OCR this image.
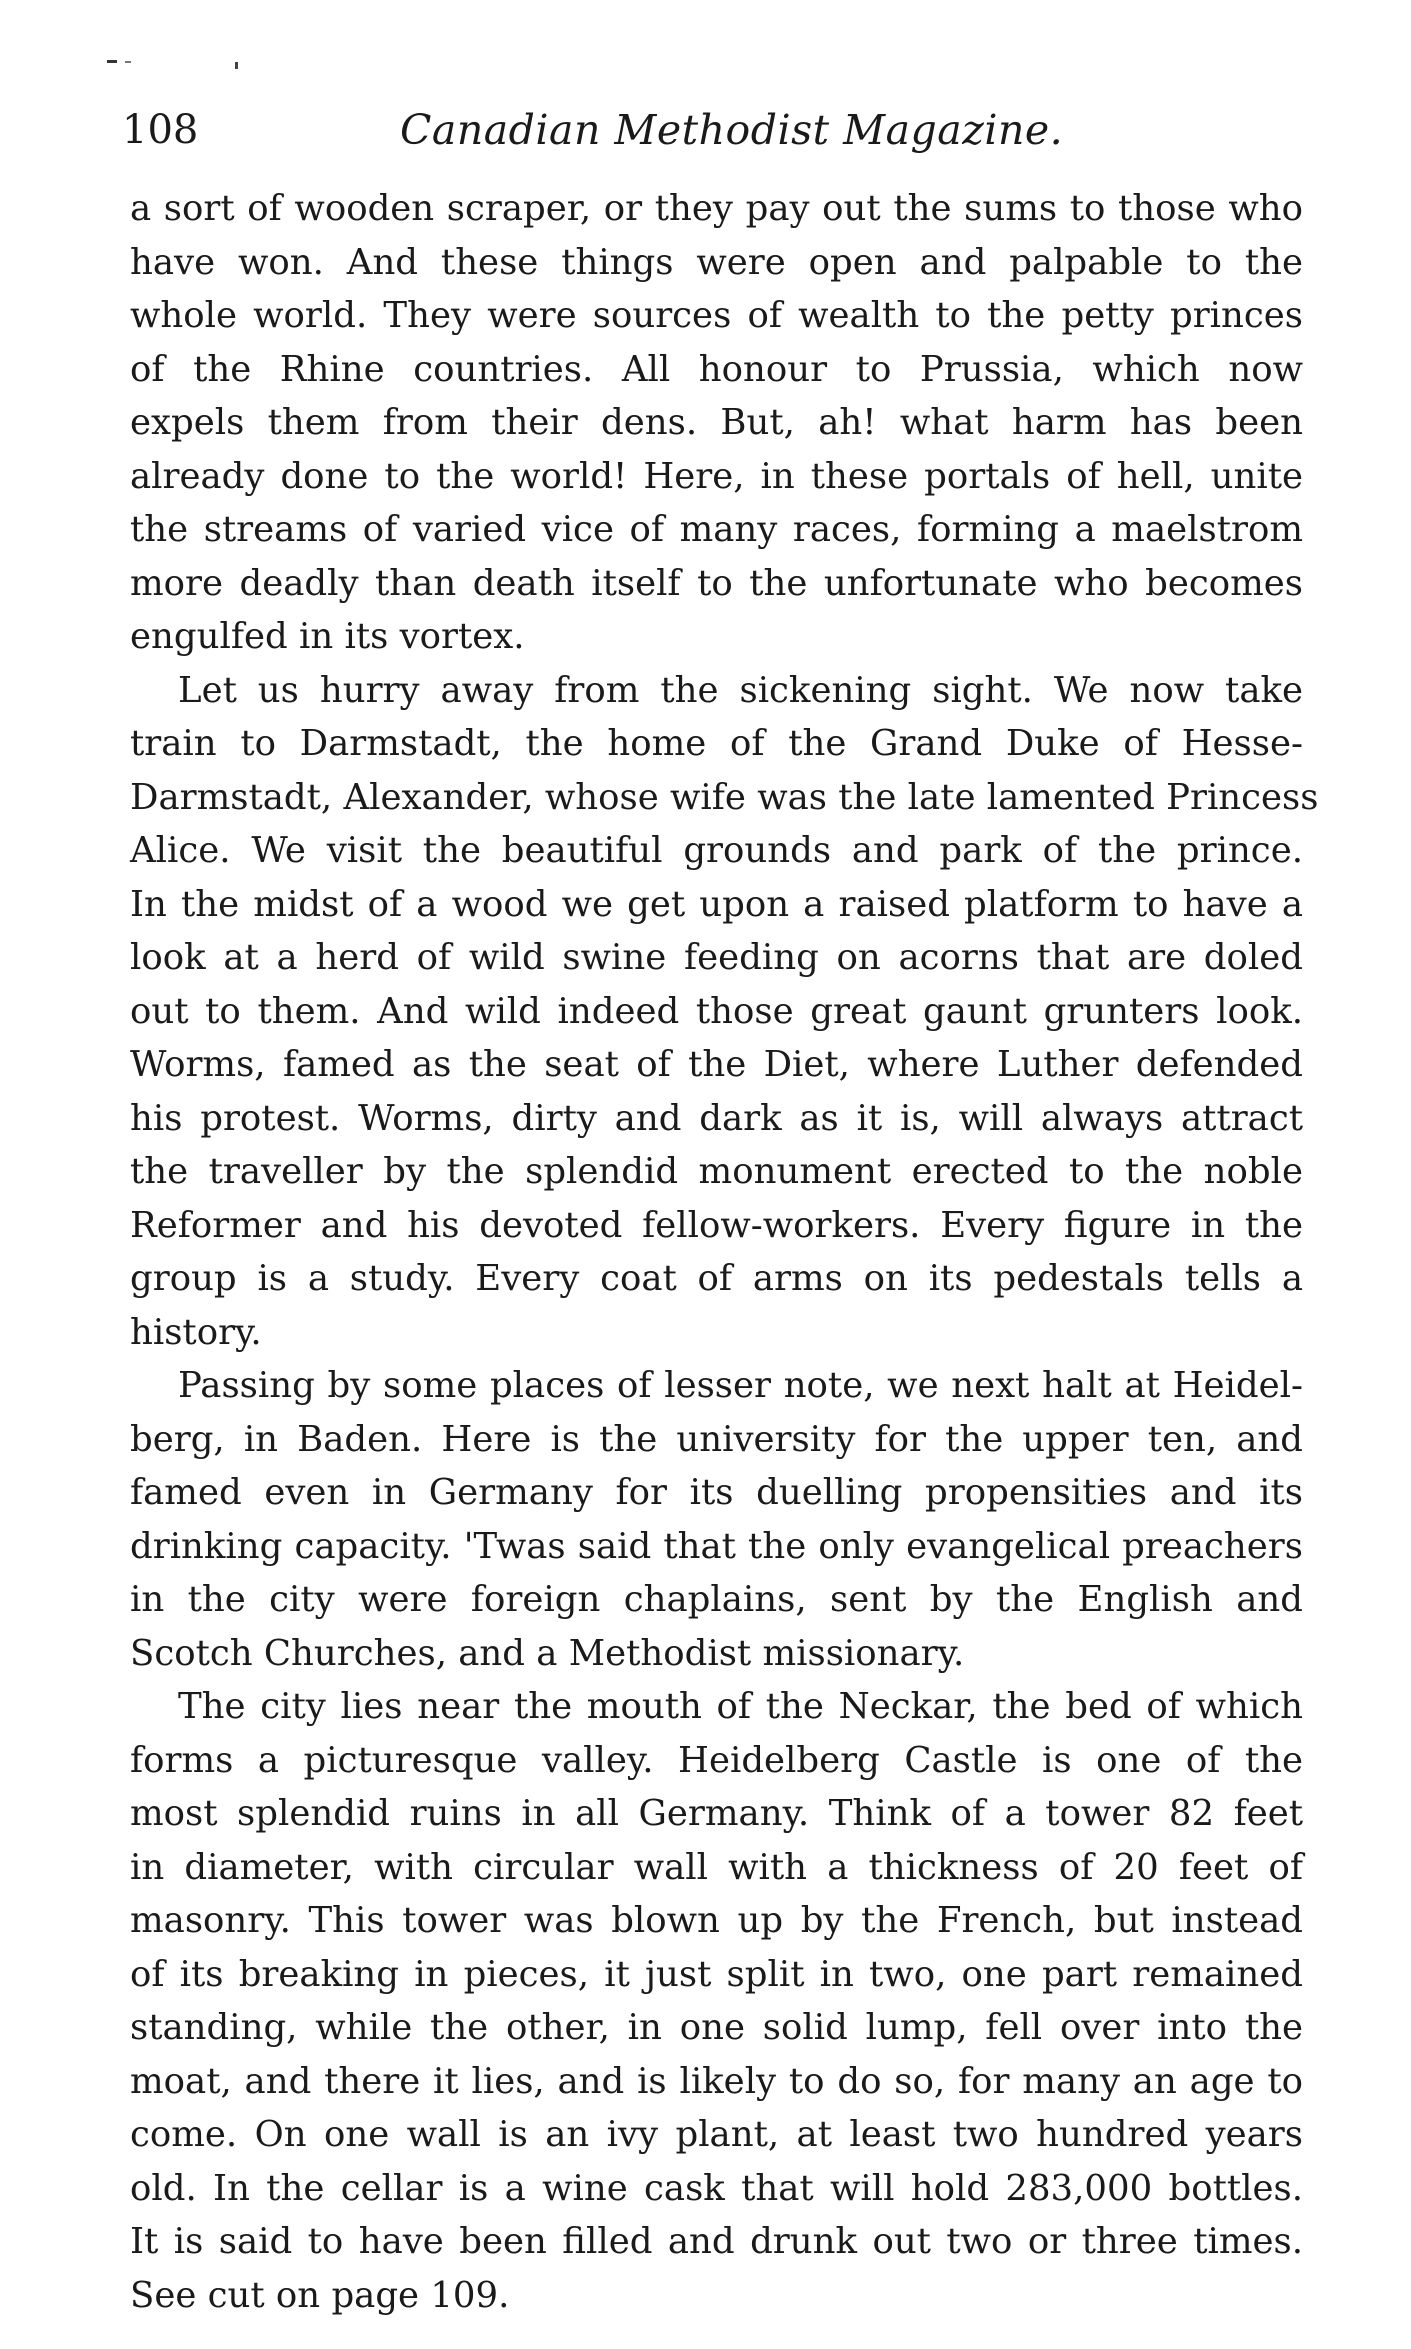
108	Canadian Methodist Magazine.
a sort of wooden scraper, or they pay out the sums to those who
have won. And these things were open and palpable to the
whole world. They were sources of wealth to the petty princes
of the Rhine countries. All honour to Prussia, which now
expels them from their dens. But, ah! what harm has been
already done to the world! Here, in these portals of hell, unite
the streams of varied vice of many races, forming a maelstrom
more deadly than death itself to the unfortunate who becomes
engulfed in its vortex.
Let us hurry away from the sickening sight. We now take
train to Darmstadt, the home of the Grand Duke of Hesse-
Darmstadt, Alexander, whose wife was the late lamented Princess
Alice. We visit the beautiful grounds and park of the prince.
In the midst of a wood we get upon a raised platform to have a
look at a herd of wild swine feeding on acorns that are doled
out to them. And wild indeed those great gaunt grunters look.
Worms, famed as the seat of the Diet, where Luther defended
his protest. Worms, dirty and dark as it is, will always attract
the traveller by the splendid monument erected to the noble
Reformer and his devoted fellow-workers. Every figure in the
group is a study. Every coat of arms on its pedestals tells a
history.
Passing by some places of lesser note, we next halt at Heidel-
berg, in Baden. Here is the university for the upper ten, and
famed even in Germany for its duelling propensities and its
drinking capacity. 'Twas said that the only evangelical preachers
in the city were foreign chaplains, sent by the English and
Scotch Churches, and a Methodist missionary.
The city lies near the mouth of the Neckar, the bed of which
forms a picturesque valley. Heidelberg Castle is one of the
most splendid ruins in all Germany. Think of a tower 82 feet
in diameter, with circular wall with a thickness of 20 feet of
masonry. This tower was blown up by the French, but instead
of its breaking in pieces, it just split in two, one part remained
standing, while the other, in one solid lump, fell over into the
moat, and there it lies, and is likely to do so, for many an age to
come. On one wall is an ivy plant, at least two hundred years
old. In the cellar is a wine cask that will hold 283,000 bottles.
It is said to have been filled and drunk out two or three times.
See cut on page 109.
